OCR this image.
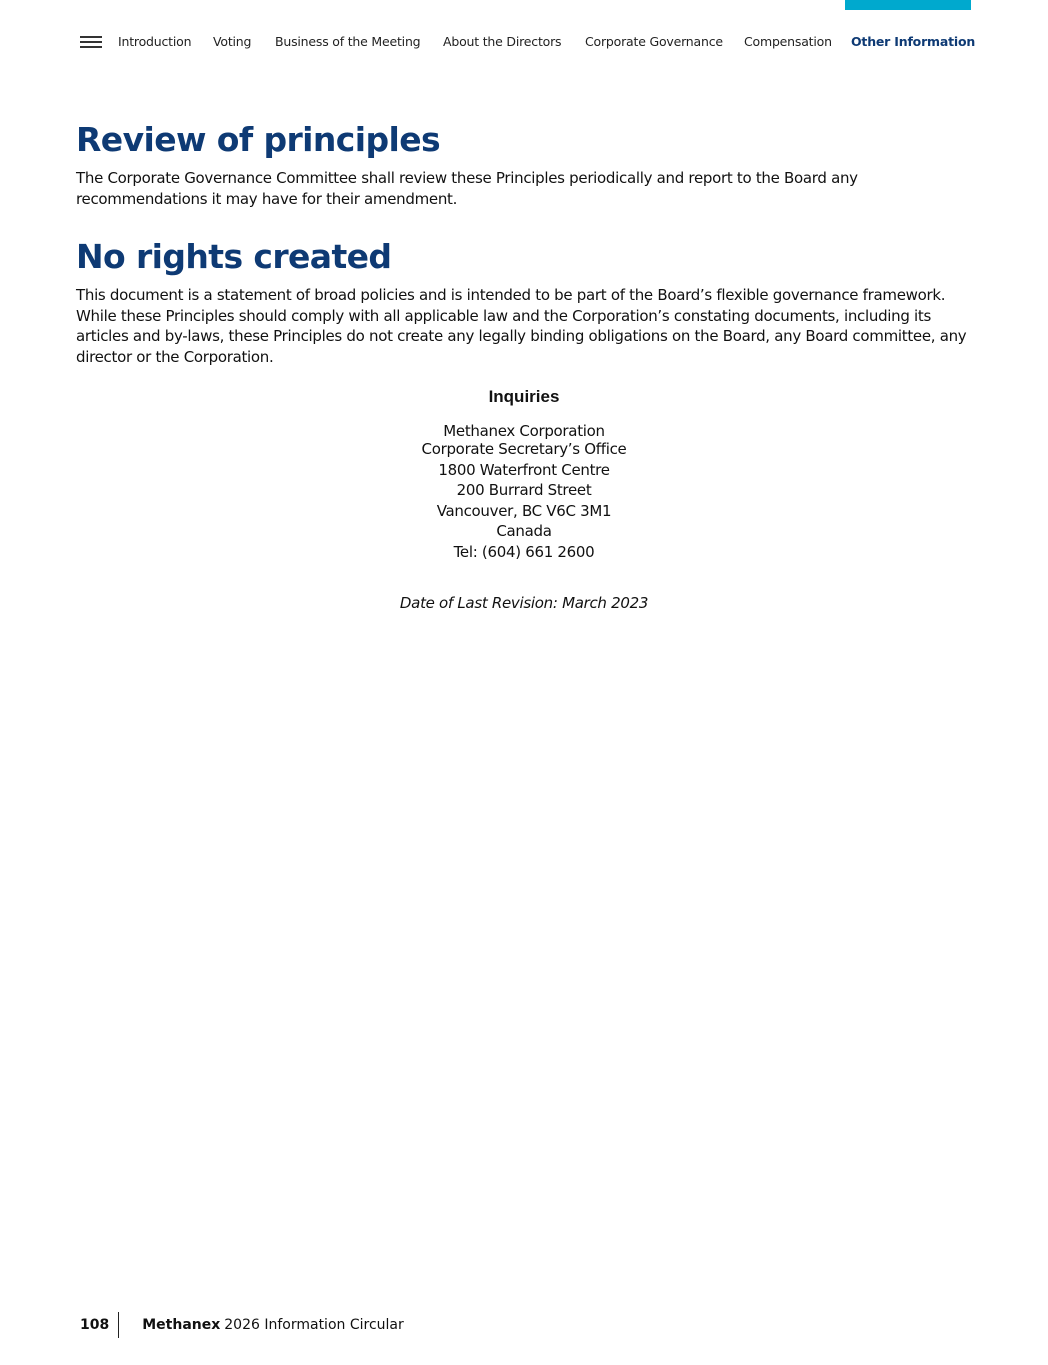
Introduction Voting Business of the Meeting About the Directors Corporate Governance Compensation Other Information
Review of principles

The Corporate Governance Committee shall review these Principles periodically and report to the Board any recommendations it may have for their amendment.

No rights created

This document is a statement of broad policies and is intended to be part of the Board’s flexible governance framework. While these Principles should comply with all applicable law and the Corporation’s constating documents, including its articles and by-laws, these Principles do not create any legally binding obligations on the Board, any Board committee, any director or the Corporation.

Inquiries
Methanex Corporation
Corporate Secretary’s Office
1800 Waterfront Centre
200 Burrard Street
Vancouver, BC V6C 3M1
Canada
Tel: (604) 661 2600
Date of Last Revision: March 2023
108	Methanex 2026 Information Circular
